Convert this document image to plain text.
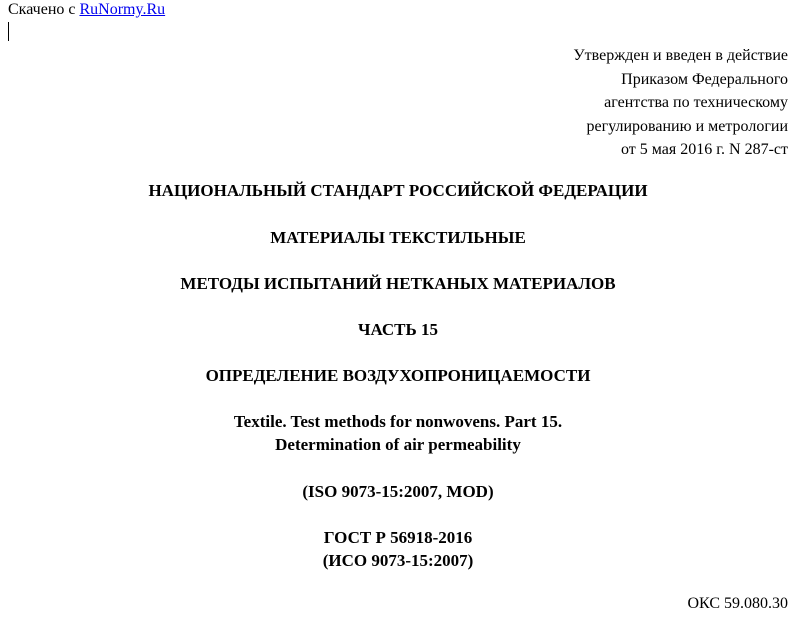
Скачено с RuNormy.Ru
Утвержден и введен в действие
Приказом Федерального
агентства по техническому
регулированию и метрологии
от 5 мая 2016 г. N 287-ст
НАЦИОНАЛЬНЫЙ СТАНДАРТ РОССИЙСКОЙ ФЕДЕРАЦИИ
МАТЕРИАЛЫ ТЕКСТИЛЬНЫЕ
МЕТОДЫ ИСПЫТАНИЙ НЕТКАНЫХ МАТЕРИАЛОВ
ЧАСТЬ 15
ОПРЕДЕЛЕНИЕ ВОЗДУХОПРОНИЦАЕМОСТИ
Textile. Test methods for nonwovens. Part 15.
Determination of air permeability
(ISO 9073-15:2007, MOD)
ГОСТ Р 56918-2016
(ИСО 9073-15:2007)
ОКС 59.080.30
